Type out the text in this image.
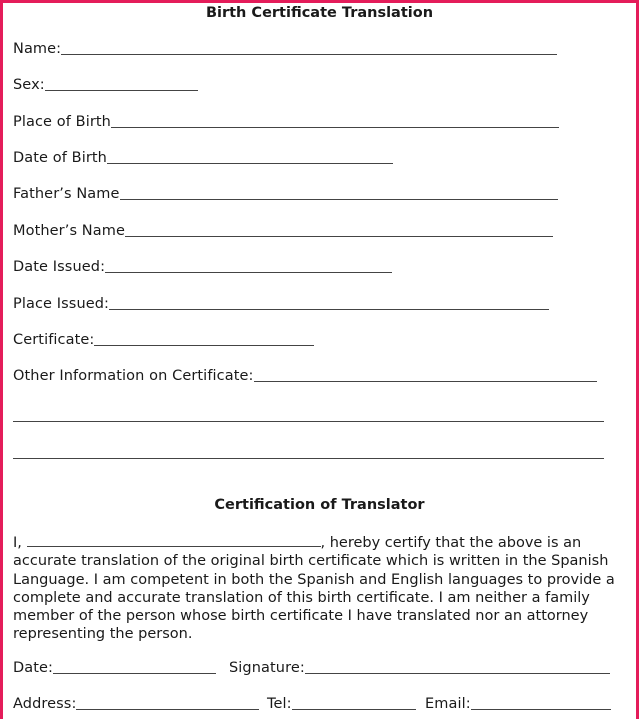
Birth Certificate Translation
Name:
Sex:
Place of Birth
Date of Birth
Father’s Name
Mother’s Name
Date Issued:
Place Issued:
Certificate:
Other Information on Certificate:
Certification of Translator
I,	, hereby certify that the above is an accurate translation of the original birth certificate which is written in the Spanish Language. I am competent in both the Spanish and English languages to provide a complete and accurate translation of this birth certificate. I am neither a family member of the person whose birth certificate I have translated nor an attorney representing the person.
Date:	Signature:
Address:	Tel:	Email:
